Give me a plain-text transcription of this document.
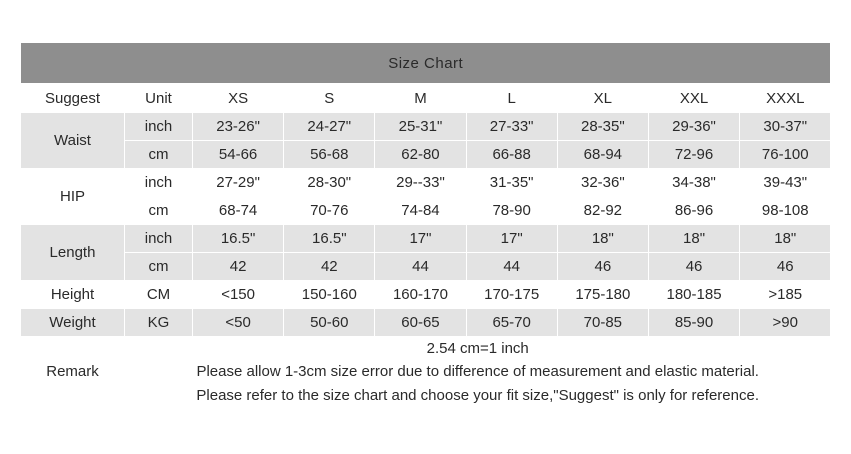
Size Chart								
Suggest	Unit	XS	S	M	L	XL	XXL	XXXL
Waist	inch	23-26"	24-27"	25-31"	27-33"	28-35"	29-36"	30-37"
	cm	54-66	56-68	62-80	66-88	68-94	72-96	76-100
HIP	inch	27-29"	28-30"	29--33"	31-35"	32-36"	34-38"	39-43"
	cm	68-74	70-76	74-84	78-90	82-92	86-96	98-108
Length	inch	16.5"	16.5"	17"	17"	18"	18"	18"
	cm	42	42	44	44	46	46	46
Height	CM	<150	150-160	160-170	170-175	175-180	180-185	>185
Weight	KG	<50	50-60	60-65	65-70	70-85	85-90	>90
Remark	2.54 cm=1 inch
Please allow 1-3cm size error due to difference of measurement and elastic material.
Please refer to the size chart and choose your fit size,"Suggest" is only for reference.							
